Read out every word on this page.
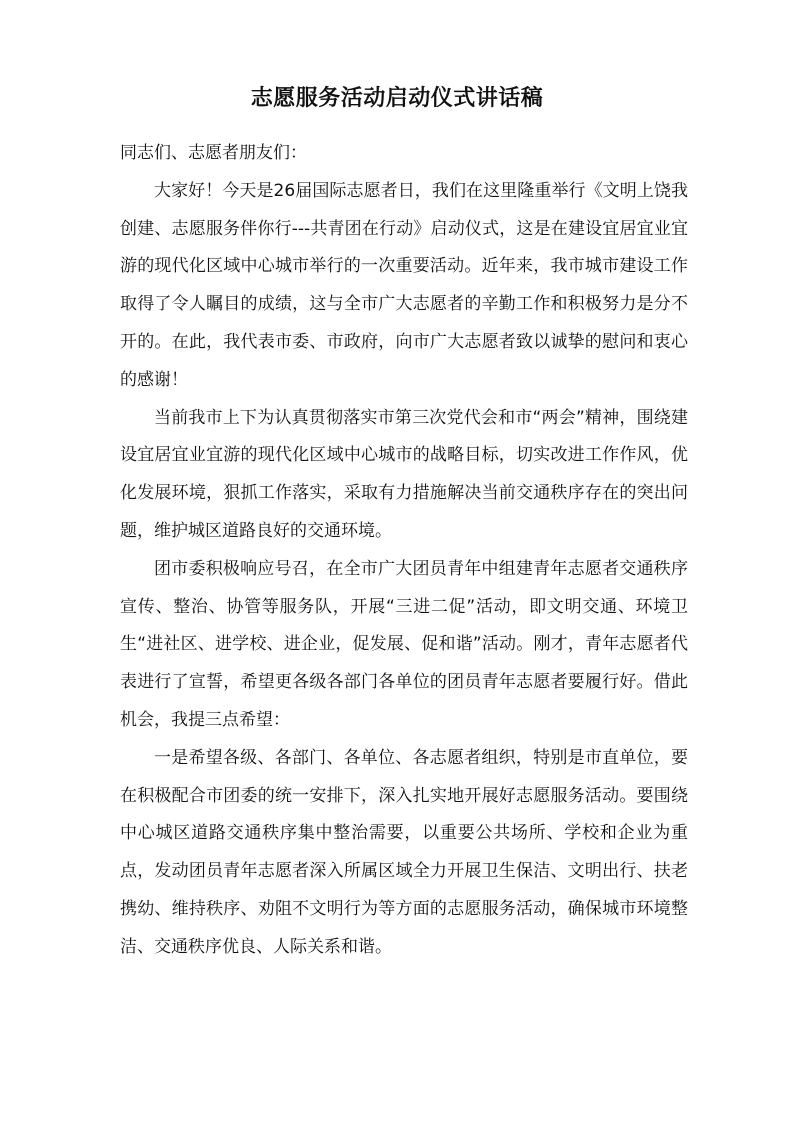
志愿服务活动启动仪式讲话稿

同志们、志愿者朋友们：

大家好！今天是26届国际志愿者日，我们在这里隆重举行《文明上饶我创建、志愿服务伴你行---共青团在行动》启动仪式，这是在建设宜居宜业宜游的现代化区域中心城市举行的一次重要活动。近年来，我市城市建设工作取得了令人瞩目的成绩，这与全市广大志愿者的辛勤工作和积极努力是分不开的。在此，我代表市委、市政府，向市广大志愿者致以诚挚的慰问和衷心的感谢！

当前我市上下为认真贯彻落实市第三次党代会和市“两会”精神，围绕建设宜居宜业宜游的现代化区域中心城市的战略目标，切实改进工作作风，优化发展环境，狠抓工作落实，采取有力措施解决当前交通秩序存在的突出问题，维护城区道路良好的交通环境。

团市委积极响应号召，在全市广大团员青年中组建青年志愿者交通秩序宣传、整治、协管等服务队，开展“三进二促”活动，即文明交通、环境卫生“进社区、进学校、进企业，促发展、促和谐”活动。刚才，青年志愿者代表进行了宣誓，希望更各级各部门各单位的团员青年志愿者要履行好。借此机会，我提三点希望：

一是希望各级、各部门、各单位、各志愿者组织，特别是市直单位，要在积极配合市团委的统一安排下，深入扎实地开展好志愿服务活动。要围绕中心城区道路交通秩序集中整治需要，以重要公共场所、学校和企业为重点，发动团员青年志愿者深入所属区域全力开展卫生保洁、文明出行、扶老携幼、维持秩序、劝阻不文明行为等方面的志愿服务活动，确保城市环境整洁、交通秩序优良、人际关系和谐。
